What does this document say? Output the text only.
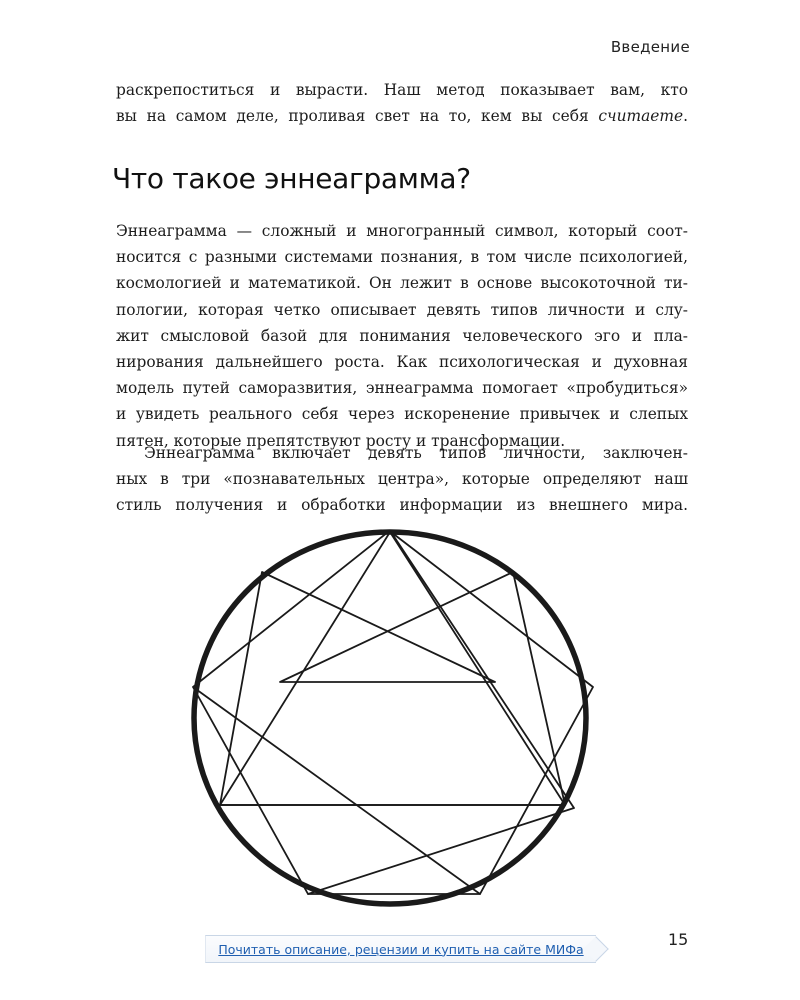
Введение

раскрепоститься и вырасти. Наш метод показывает вам, кто
вы на самом деле, проливая свет на то, кем вы себя считаете.

Что такое эннеаграмма?

Эннеаграмма — сложный и многогранный символ, который соот-
носится с разными системами познания, в том числе психологией,
космологией и математикой. Он лежит в основе высокоточной ти-
пологии, которая четко описывает девять типов личности и слу-
жит смысловой базой для понимания человеческого эго и пла-
нирования дальнейшего роста. Как психологическая и духовная
модель путей саморазвития, эннеаграмма помогает «пробудиться»
и увидеть реального себя через искоренение привычек и слепых
пятен, которые препятствуют росту и трансформации.

Эннеаграмма включает девять типов личности, заключен-
ных в три «познавательных центра», которые определяют наш
стиль получения и обработки информации из внешнего мира.

Почитать описание, рецензии и купить на сайте МИФа	15
